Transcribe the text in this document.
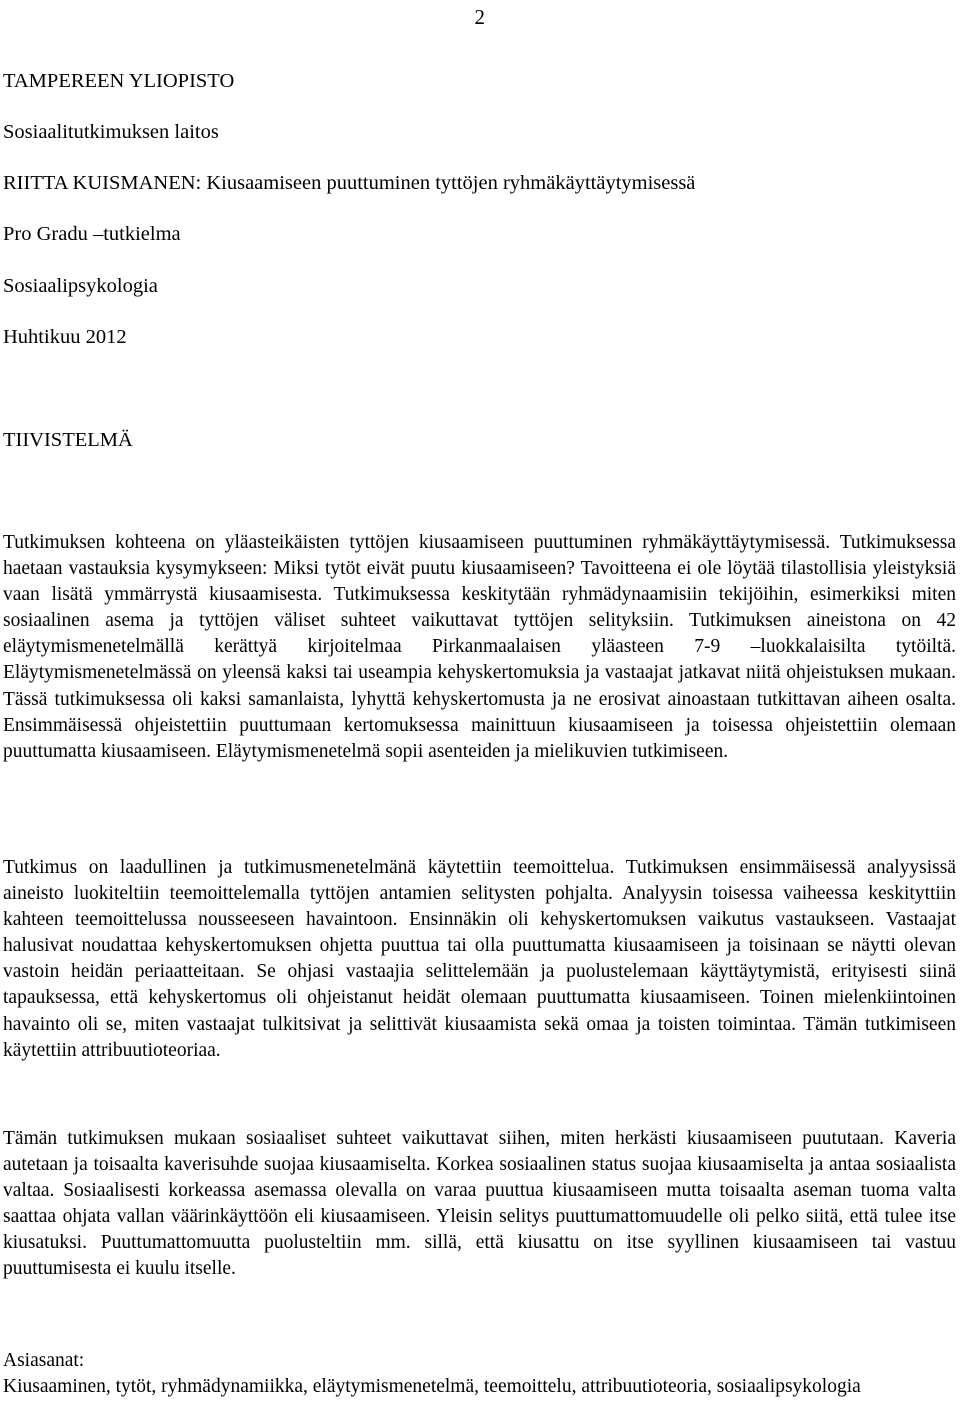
2
TAMPEREEN YLIOPISTO
Sosiaalitutkimuksen laitos
RIITTA KUISMANEN: Kiusaamiseen puuttuminen tyttöjen ryhmäkäyttäytymisessä
Pro Gradu –tutkielma
Sosiaalipsykologia
Huhtikuu 2012
TIIVISTELMÄ
Tutkimuksen kohteena on yläasteikäisten tyttöjen kiusaamiseen puuttuminen ryhmäkäyttäytymisessä. Tutkimuksessa haetaan vastauksia kysymykseen: Miksi tytöt eivät puutu kiusaamiseen? Tavoitteena ei ole löytää tilastollisia yleistyksiä vaan lisätä ymmärrystä kiusaamisesta. Tutkimuksessa keskitytään ryhmädynaamisiin tekijöihin, esimerkiksi miten sosiaalinen asema ja tyttöjen väliset suhteet vaikuttavat tyttöjen selityksiin. Tutkimuksen aineistona on 42 eläytymismenetelmällä kerättyä kirjoitelmaa Pirkanmaalaisen yläasteen 7-9 –luokkalaisilta tytöiltä. Eläytymismenetelmässä on yleensä kaksi tai useampia kehyskertomuksia ja vastaajat jatkavat niitä ohjeistuksen mukaan. Tässä tutkimuksessa oli kaksi samanlaista, lyhyttä kehyskertomusta ja ne erosivat ainoastaan tutkittavan aiheen osalta. Ensimmäisessä ohjeistettiin puuttumaan kertomuksessa mainittuun kiusaamiseen ja toisessa ohjeistettiin olemaan puuttumatta kiusaamiseen. Eläytymismenetelmä sopii asenteiden ja mielikuvien tutkimiseen.
Tutkimus on laadullinen ja tutkimusmenetelmänä käytettiin teemoittelua. Tutkimuksen ensimmäisessä analyysissä aineisto luokiteltiin teemoittelemalla tyttöjen antamien selitysten pohjalta. Analyysin toisessa vaiheessa keskityttiin kahteen teemoittelussa nousseeseen havaintoon. Ensinnäkin oli kehyskertomuksen vaikutus vastaukseen. Vastaajat halusivat noudattaa kehyskertomuksen ohjetta puuttua tai olla puuttumatta kiusaamiseen ja toisinaan se näytti olevan vastoin heidän periaatteitaan. Se ohjasi vastaajia selittelemään ja puolustelemaan käyttäytymistä, erityisesti siinä tapauksessa, että kehyskertomus oli ohjeistanut heidät olemaan puuttumatta kiusaamiseen. Toinen mielenkiintoinen havainto oli se, miten vastaajat tulkitsivat ja selittivät kiusaamista sekä omaa ja toisten toimintaa. Tämän tutkimiseen käytettiin attribuutioteoriaa.
Tämän tutkimuksen mukaan sosiaaliset suhteet vaikuttavat siihen, miten herkästi kiusaamiseen puututaan. Kaveria autetaan ja toisaalta kaverisuhde suojaa kiusaamiselta. Korkea sosiaalinen status suojaa kiusaamiselta ja antaa sosiaalista valtaa. Sosiaalisesti korkeassa asemassa olevalla on varaa puuttua kiusaamiseen mutta toisaalta aseman tuoma valta saattaa ohjata vallan väärinkäyttöön eli kiusaamiseen. Yleisin selitys puuttumattomuudelle oli pelko siitä, että tulee itse kiusatuksi. Puuttumattomuutta puolusteltiin mm. sillä, että kiusattu on itse syyllinen kiusaamiseen tai vastuu puuttumisesta ei kuulu itselle.
Asiasanat:
Kiusaaminen, tytöt, ryhmädynamiikka, eläytymismenetelmä, teemoittelu, attribuutioteoria, sosiaalipsykologia
